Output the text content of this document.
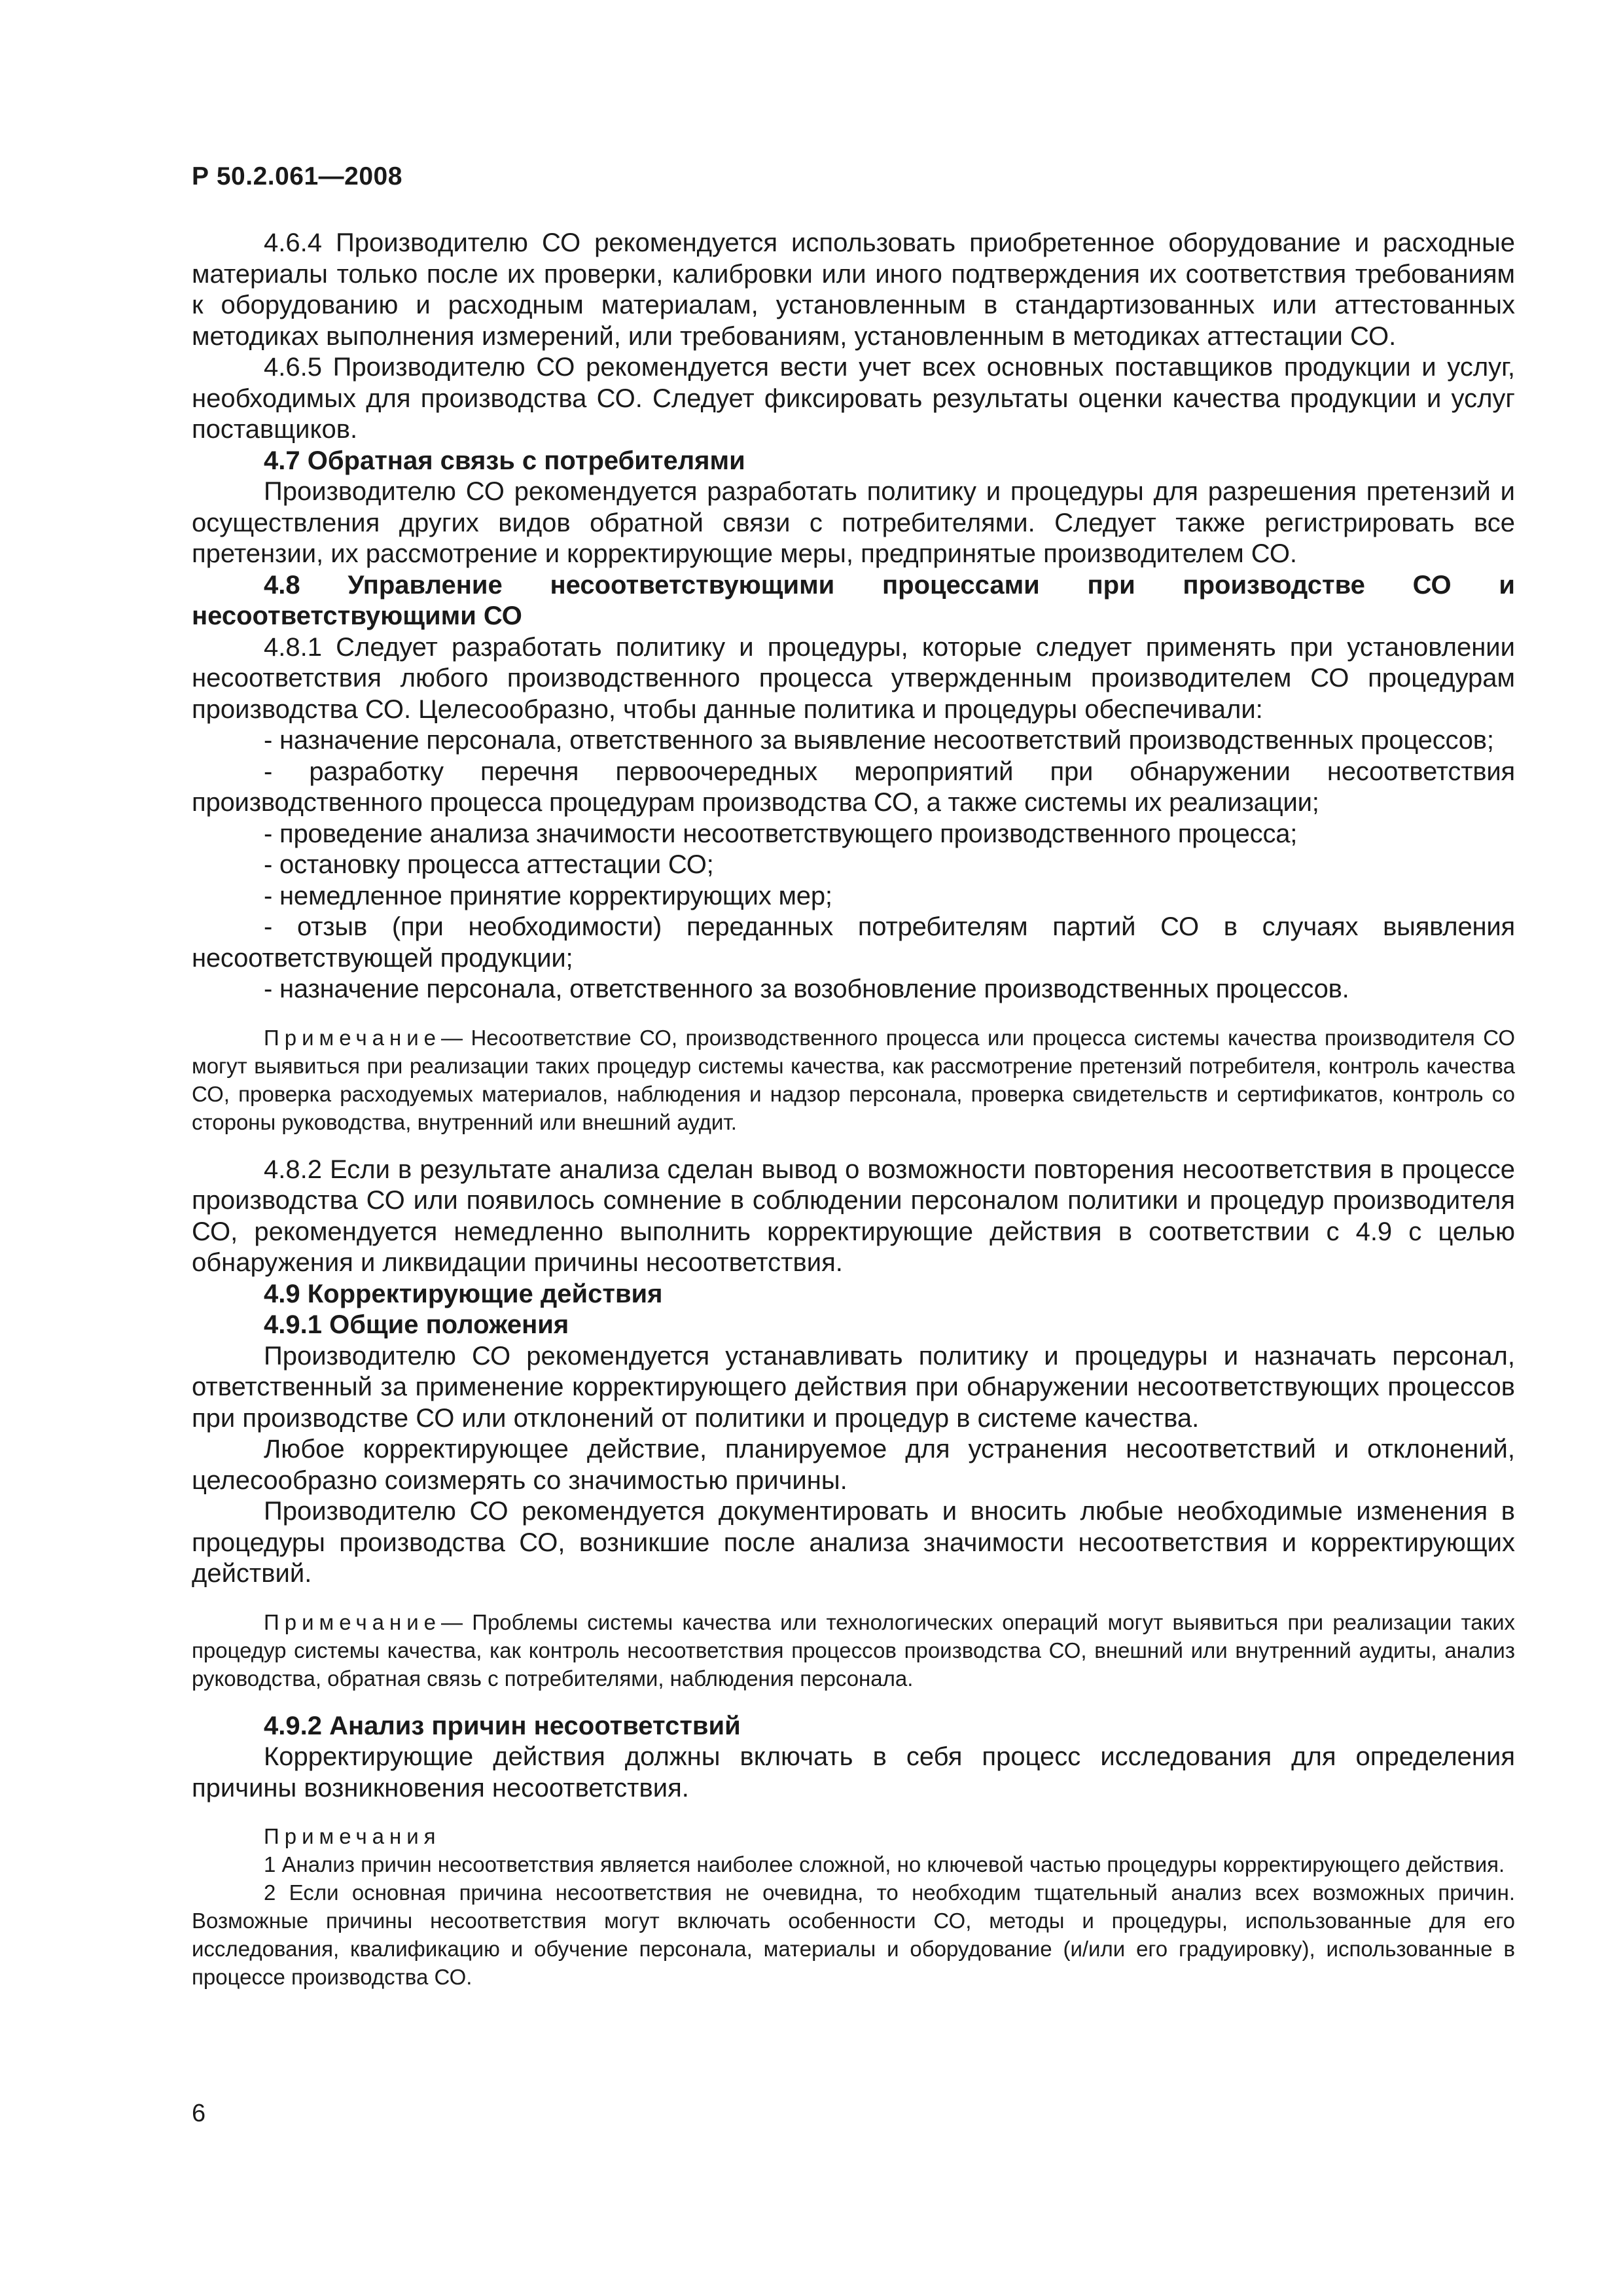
Р 50.2.061—2008

4.6.4 Производителю СО рекомендуется использовать приобретенное оборудование и расходные материалы только после их проверки, калибровки или иного подтверждения их соответствия требованиям к оборудованию и расходным материалам, установленным в стандартизованных или аттестованных методиках выполнения измерений, или требованиям, установленным в методиках аттестации СО.

4.6.5 Производителю СО рекомендуется вести учет всех основных поставщиков продукции и услуг, необходимых для производства СО. Следует фиксировать результаты оценки качества продукции и услуг поставщиков.

4.7 Обратная связь с потребителями

Производителю СО рекомендуется разработать политику и процедуры для разрешения претензий и осуществления других видов обратной связи с потребителями. Следует также регистрировать все претензии, их рассмотрение и корректирующие меры, предпринятые производителем СО.

4.8 Управление несоответствующими процессами при производстве СО и несоответствующими СО

4.8.1 Следует разработать политику и процедуры, которые следует применять при установлении несоответствия любого производственного процесса утвержденным производителем СО процедурам производства СО. Целесообразно, чтобы данные политика и процедуры обеспечивали:

- назначение персонала, ответственного за выявление несоответствий производственных процессов;

- разработку перечня первоочередных мероприятий при обнаружении несоответствия производственного процесса процедурам производства СО, а также системы их реализации;

- проведение анализа значимости несоответствующего производственного процесса;

- остановку процесса аттестации СО;

- немедленное принятие корректирующих мер;

- отзыв (при необходимости) переданных потребителям партий СО в случаях выявления несоответствующей продукции;

- назначение персонала, ответственного за возобновление производственных процессов.

Примечание— Несоответствие СО, производственного процесса или процесса системы качества производителя СО могут выявиться при реализации таких процедур системы качества, как рассмотрение претензий потребителя, контроль качества СО, проверка расходуемых материалов, наблюдения и надзор персонала, проверка свидетельств и сертификатов, контроль со стороны руководства, внутренний или внешний аудит.

4.8.2 Если в результате анализа сделан вывод о возможности повторения несоответствия в процессе производства СО или появилось сомнение в соблюдении персоналом политики и процедур производителя СО, рекомендуется немедленно выполнить корректирующие действия в соответствии с 4.9 с целью обнаружения и ликвидации причины несоответствия.

4.9 Корректирующие действия

4.9.1 Общие положения

Производителю СО рекомендуется устанавливать политику и процедуры и назначать персонал, ответственный за применение корректирующего действия при обнаружении несоответствующих процессов при производстве СО или отклонений от политики и процедур в системе качества.

Любое корректирующее действие, планируемое для устранения несоответствий и отклонений, целесообразно соизмерять со значимостью причины.

Производителю СО рекомендуется документировать и вносить любые необходимые изменения в процедуры производства СО, возникшие после анализа значимости несоответствия и корректирующих действий.

Примечание— Проблемы системы качества или технологических операций могут выявиться при реализации таких процедур системы качества, как контроль несоответствия процессов производства СО, внешний или внутренний аудиты, анализ руководства, обратная связь с потребителями, наблюдения персонала.

4.9.2 Анализ причин несоответствий

Корректирующие действия должны включать в себя процесс исследования для определения причины возникновения несоответствия.

Примечания

1 Анализ причин несоответствия является наиболее сложной, но ключевой частью процедуры корректирующего действия.

2 Если основная причина несоответствия не очевидна, то необходим тщательный анализ всех возможных причин. Возможные причины несоответствия могут включать особенности СО, методы и процедуры, использованные для его исследования, квалификацию и обучение персонала, материалы и оборудование (и/или его градуировку), использованные в процессе производства СО.

6
